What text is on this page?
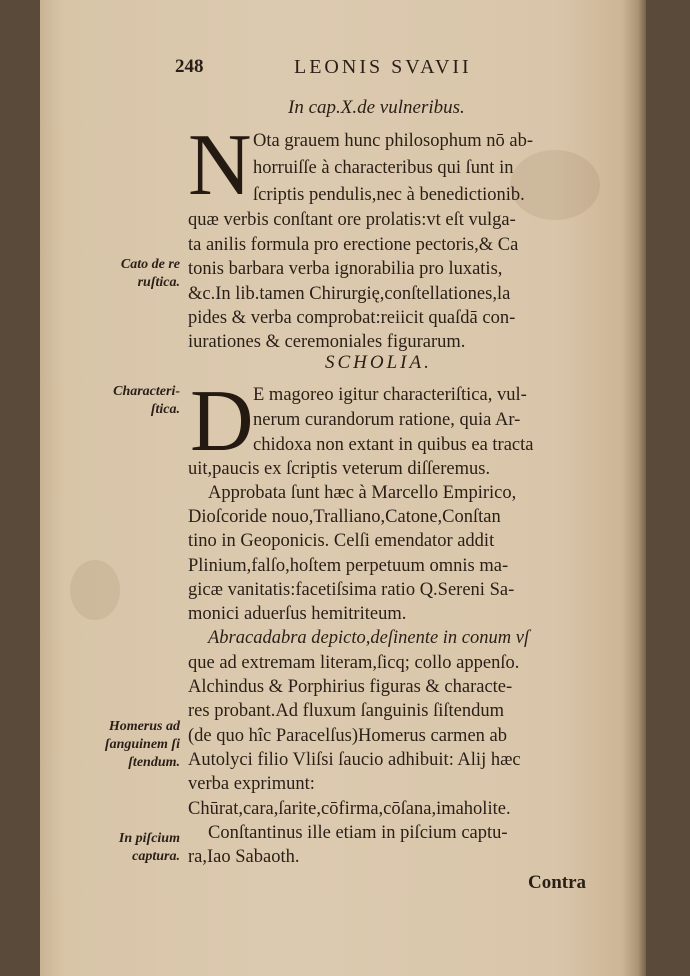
248	LEONIS SVAVII
In cap.X.de vulneribus.
N Ota grauem hunc philosophum nō ab-
horruiſſe à characteribus qui ſunt in
ſcriptis pendulis,nec à benedictionib.
quæ verbis conſtant ore prolatis:vt eſt vulga-
ta anilis formula pro erectione pectoris,& Ca
tonis barbara verba ignorabilia pro luxatis,
&c.In lib.tamen Chirurgię,conſtellationes,la
pides & verba comprobat:reiicit quaſdā con-
iurationes & ceremoniales figurarum.
SCHOLIA.
D E magoreo igitur characteriſtica, vul-
nerum curandorum ratione, quia Ar-
chidoxa non extant in quibus ea tracta
uit,paucis ex ſcriptis veterum diſſeremus.
Approbata ſunt hæc à Marcello Empirico,
Dioſcoride nouo,Tralliano,Catone,Conſtan
tino in Geoponicis. Celſi emendator addit
Plinium,falſo,hoſtem perpetuum omnis ma-
gicæ vanitatis:facetiſsima ratio Q.Sereni Sa-
monici aduerſus hemitriteum.
Abracadabra depicto,deſinente in conum vſ
que ad extremam literam,ſicq; collo appenſo.
Alchindus & Porphirius figuras & characte-
res probant.Ad fluxum ſanguinis ſiſtendum
(de quo hîc Paracelſus)Homerus carmen ab
Autolyci filio Vliſsi ſaucio adhibuit: Alij hæc
verba exprimunt:
Chūrat,cara,ſarite,cōfirma,cōſana,imaholite.
Conſtantinus ille etiam in piſcium captu-
ra,Iao Sabaoth.
Cato de re
ruſtica.
Characteri-
ſtica.
Homerus ad
ſanguinem ſi
ſtendum.
In piſcium
captura.
Contra
